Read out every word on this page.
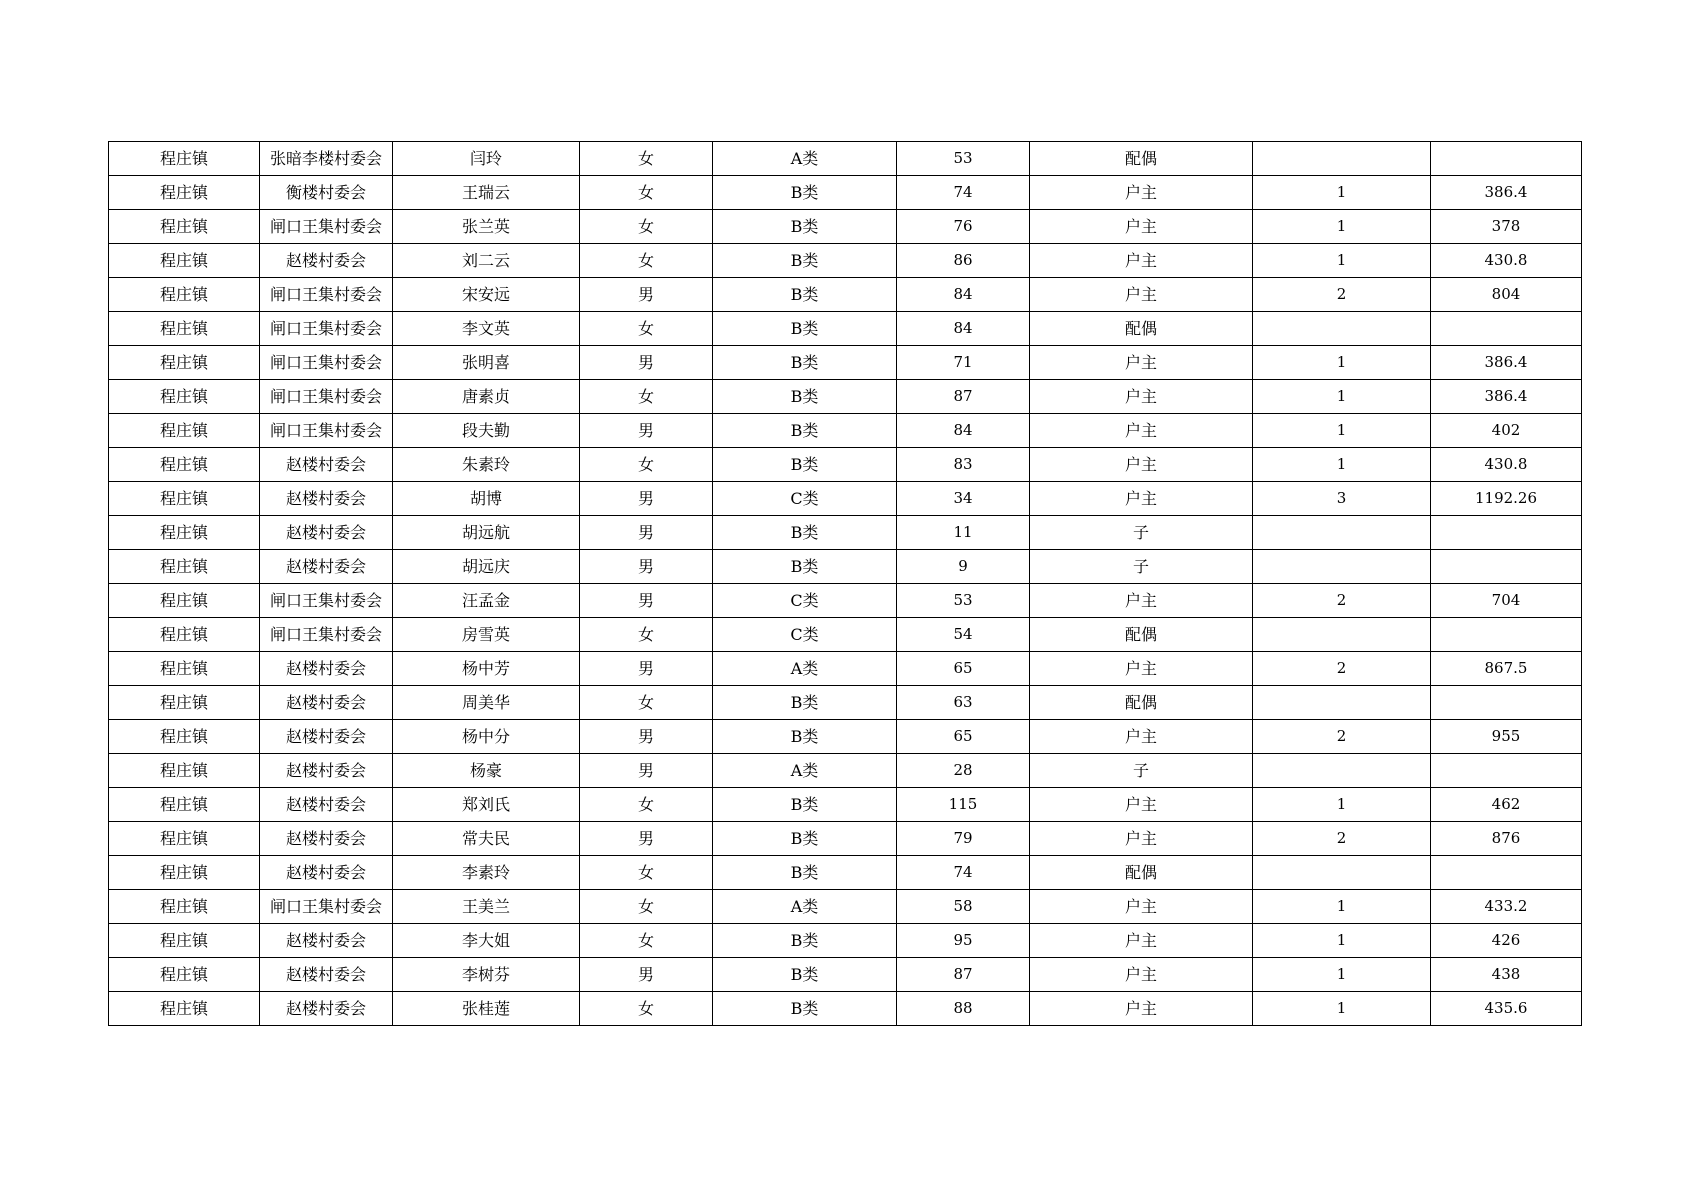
程庄镇	张暗李楼村委会	闫玲	女	A类	53	配偶		
程庄镇	衡楼村委会	王瑞云	女	B类	74	户主	1	386.4
程庄镇	闸口王集村委会	张兰英	女	B类	76	户主	1	378
程庄镇	赵楼村委会	刘二云	女	B类	86	户主	1	430.8
程庄镇	闸口王集村委会	宋安远	男	B类	84	户主	2	804
程庄镇	闸口王集村委会	李文英	女	B类	84	配偶		
程庄镇	闸口王集村委会	张明喜	男	B类	71	户主	1	386.4
程庄镇	闸口王集村委会	唐素贞	女	B类	87	户主	1	386.4
程庄镇	闸口王集村委会	段夫勤	男	B类	84	户主	1	402
程庄镇	赵楼村委会	朱素玲	女	B类	83	户主	1	430.8
程庄镇	赵楼村委会	胡博	男	C类	34	户主	3	1192.26
程庄镇	赵楼村委会	胡远航	男	B类	11	子		
程庄镇	赵楼村委会	胡远庆	男	B类	9	子		
程庄镇	闸口王集村委会	汪孟金	男	C类	53	户主	2	704
程庄镇	闸口王集村委会	房雪英	女	C类	54	配偶		
程庄镇	赵楼村委会	杨中芳	男	A类	65	户主	2	867.5
程庄镇	赵楼村委会	周美华	女	B类	63	配偶		
程庄镇	赵楼村委会	杨中分	男	B类	65	户主	2	955
程庄镇	赵楼村委会	杨豪	男	A类	28	子		
程庄镇	赵楼村委会	郑刘氏	女	B类	115	户主	1	462
程庄镇	赵楼村委会	常夫民	男	B类	79	户主	2	876
程庄镇	赵楼村委会	李素玲	女	B类	74	配偶		
程庄镇	闸口王集村委会	王美兰	女	A类	58	户主	1	433.2
程庄镇	赵楼村委会	李大姐	女	B类	95	户主	1	426
程庄镇	赵楼村委会	李树芬	男	B类	87	户主	1	438
程庄镇	赵楼村委会	张桂莲	女	B类	88	户主	1	435.6
